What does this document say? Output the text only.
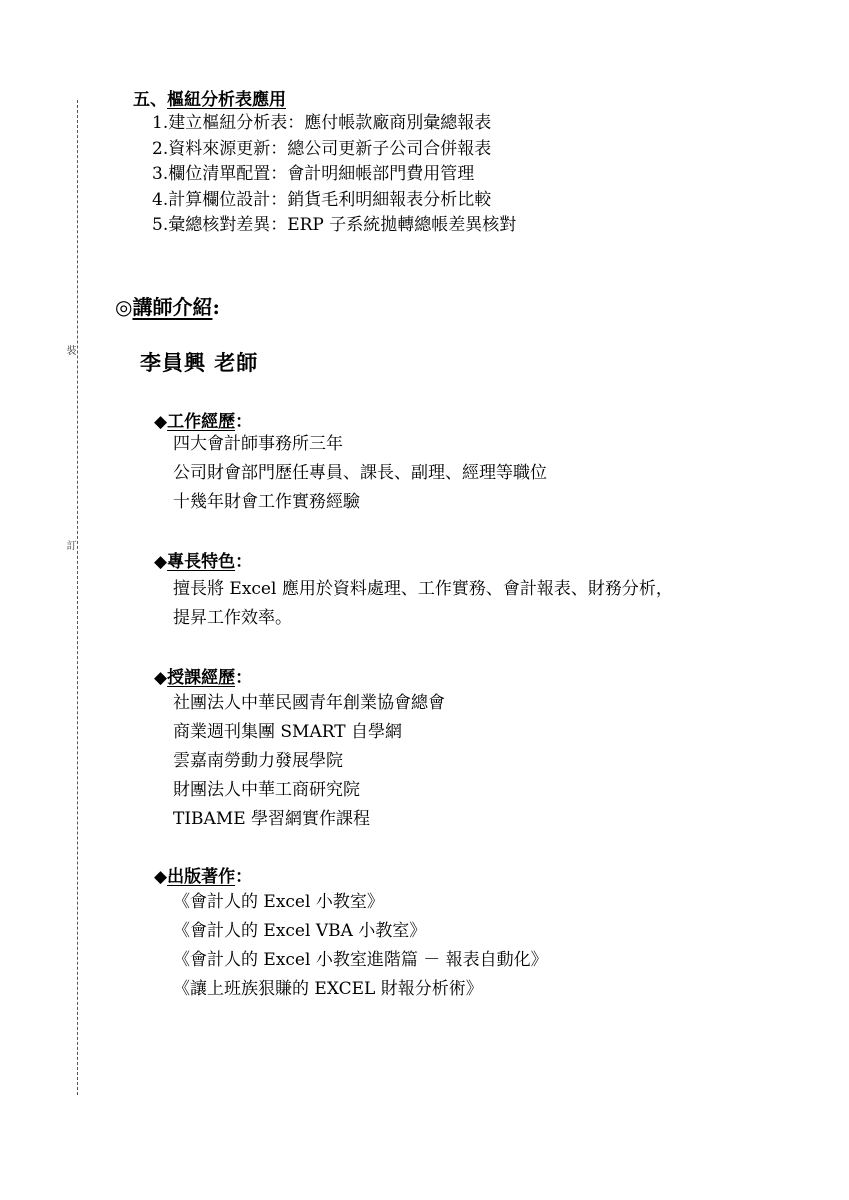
裝
訂
五、樞紐分析表應用
1.建立樞紐分析表：應付帳款廠商別彙總報表
2.資料來源更新：總公司更新子公司合併報表
3.欄位清單配置：會計明細帳部門費用管理
4.計算欄位設計：銷貨毛利明細報表分析比較
5.彙總核對差異：ERP 子系統拋轉總帳差異核對
◎講師介紹:
李員興 老師
◆工作經歷：
四大會計師事務所三年
公司財會部門歷任專員、課長、副理、經理等職位
十幾年財會工作實務經驗
◆專長特色：
擅長將 Excel 應用於資料處理、工作實務、會計報表、財務分析，
提昇工作效率。
◆授課經歷：
社團法人中華民國青年創業協會總會
商業週刊集團 SMART 自學網
雲嘉南勞動力發展學院
財團法人中華工商研究院
TIBAME 學習網實作課程
◆出版著作：
《會計人的 Excel 小教室》
《會計人的 Excel VBA 小教室》
《會計人的 Excel 小教室進階篇 － 報表自動化》
《讓上班族狠賺的 EXCEL 財報分析術》
